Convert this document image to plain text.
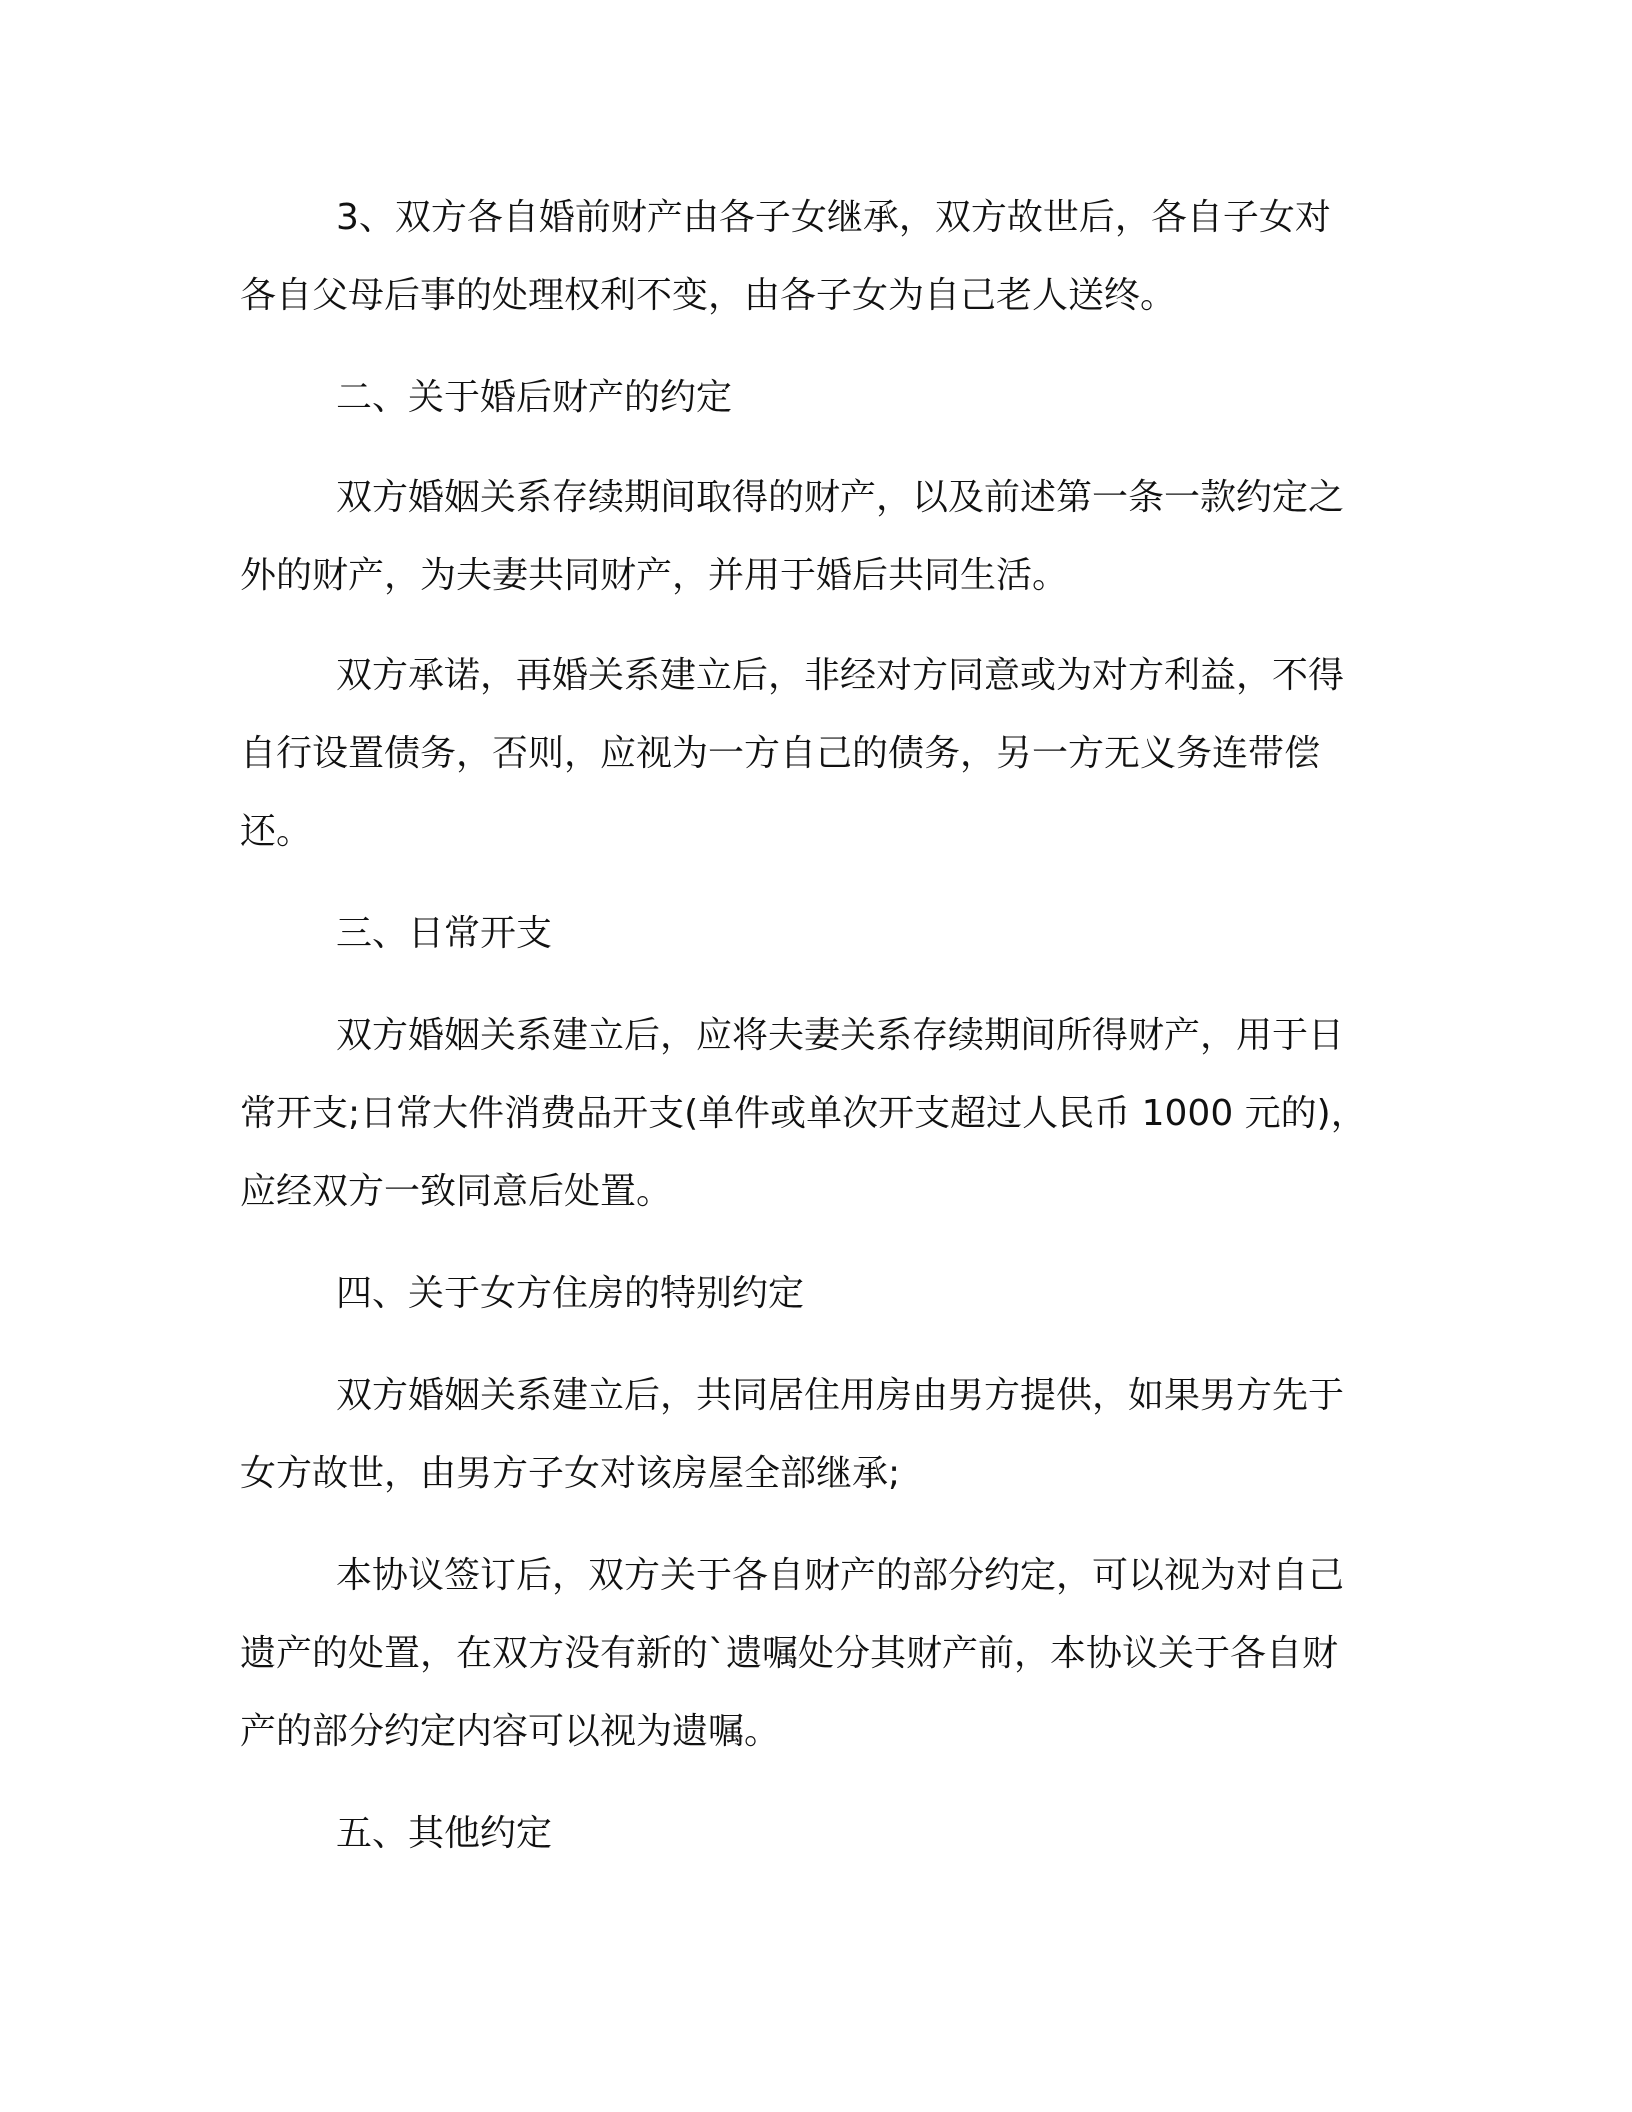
3、双方各自婚前财产由各子女继承，双方故世后，各自子女对
各自父母后事的处理权利不变，由各子女为自己老人送终。
二、关于婚后财产的约定
双方婚姻关系存续期间取得的财产，以及前述第一条一款约定之
外的财产，为夫妻共同财产，并用于婚后共同生活。
双方承诺，再婚关系建立后，非经对方同意或为对方利益，不得
自行设置债务，否则，应视为一方自己的债务，另一方无义务连带偿
还。
三、日常开支
双方婚姻关系建立后，应将夫妻关系存续期间所得财产，用于日
常开支;日常大件消费品开支(单件或单次开支超过人民币 1000 元的)，
应经双方一致同意后处置。
四、关于女方住房的特别约定
双方婚姻关系建立后，共同居住用房由男方提供，如果男方先于
女方故世，由男方子女对该房屋全部继承;
本协议签订后，双方关于各自财产的部分约定，可以视为对自己
遗产的处置，在双方没有新的`遗嘱处分其财产前，本协议关于各自财
产的部分约定内容可以视为遗嘱。
五、其他约定
